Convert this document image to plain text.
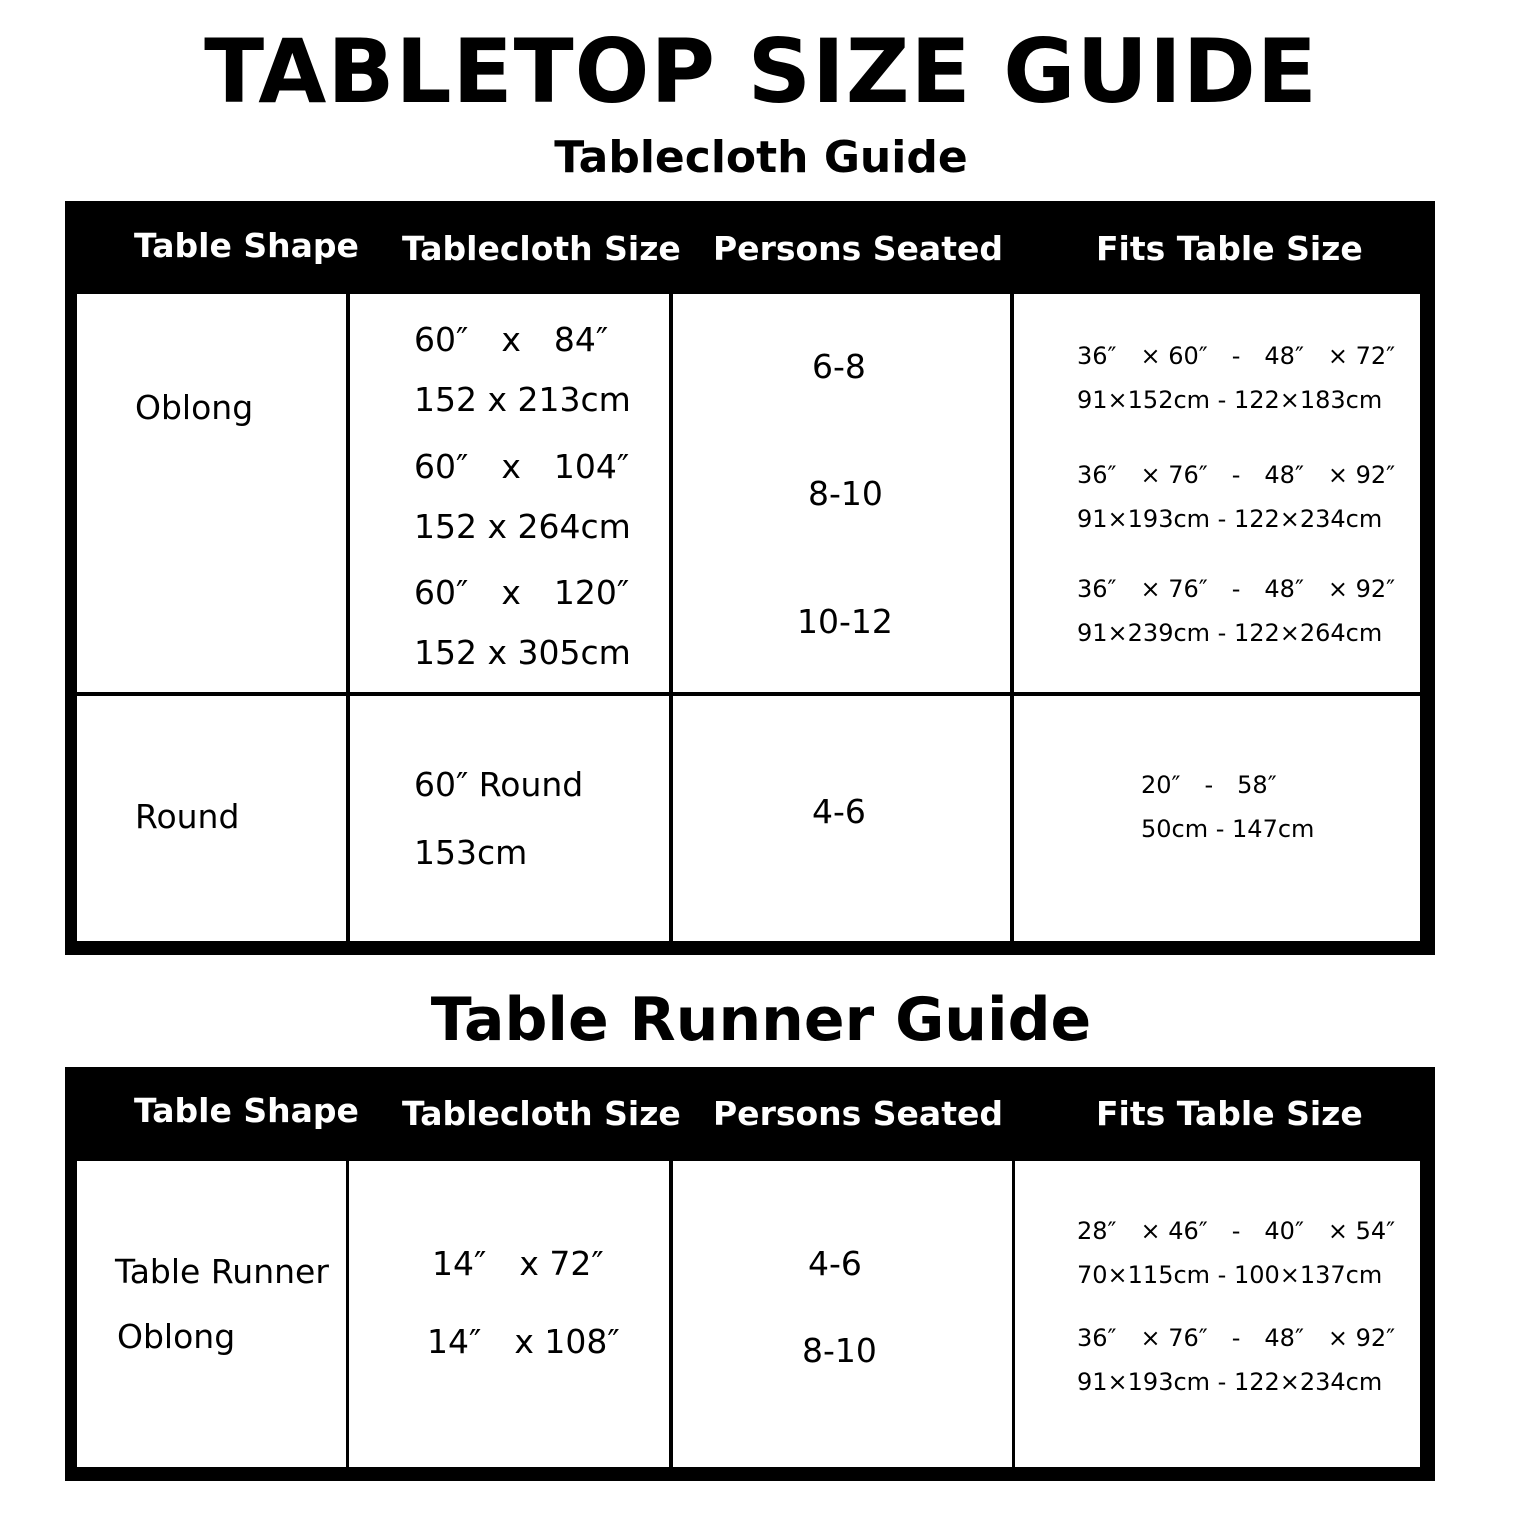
TABLETOP SIZE GUIDE
Tablecloth Guide
Table Shape Tablecloth Size Persons Seated	Fits Table Size
Oblong
60″　x　84″
152 x 213cm
60″　x　104″
152 x 264cm
60″　x　120″
152 x 305cm
6-8
8-10
10-12
36″　× 60″　-　48″　× 72″
91×152cm - 122×183cm
36″　× 76″　-　48″　× 92″
91×193cm - 122×234cm
36″　× 76″　-　48″　× 92″
91×239cm - 122×264cm
Round
60″ Round
153cm
4-6
20″　-　58″
50cm - 147cm
Table Runner Guide
Table Shape Tablecloth Size Persons Seated	Fits Table Size
Table Runner
Oblong
14″　x 72″
14″　x 108″
4-6
8-10
28″　× 46″　-　40″　× 54″
70×115cm - 100×137cm
36″　× 76″　-　48″　× 92″
91×193cm - 122×234cm
